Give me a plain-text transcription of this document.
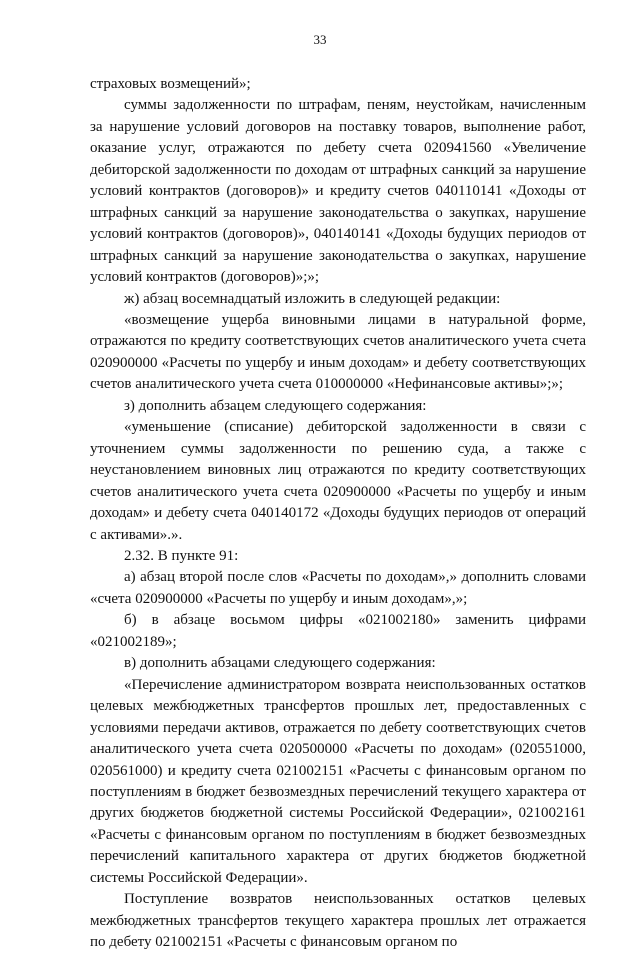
33

страховых возмещений»;

суммы задолженности по штрафам, пеням, неустойкам, начисленным за нарушение условий договоров на поставку товаров, выполнение работ, оказание услуг, отражаются по дебету счета 020941560 «Увеличение дебиторской задолженности по доходам от штрафных санкций за нарушение условий контрактов (договоров)» и кредиту счетов 040110141 «Доходы от штрафных санкций за нарушение законодательства о закупках, нарушение условий контрактов (договоров)», 040140141 «Доходы будущих периодов от штрафных санкций за нарушение законодательства о закупках, нарушение условий контрактов (договоров)»;»;

ж) абзац восемнадцатый изложить в следующей редакции:

«возмещение ущерба виновными лицами в натуральной форме, отражаются по кредиту соответствующих счетов аналитического учета счета 020900000 «Расчеты по ущербу и иным доходам» и дебету соответствующих счетов аналитического учета счета 010000000 «Нефинансовые активы»;»;

з) дополнить абзацем следующего содержания:

«уменьшение (списание) дебиторской задолженности в связи с уточнением суммы задолженности по решению суда, а также с неустановлением виновных лиц отражаются по кредиту соответствующих счетов аналитического учета счета 020900000 «Расчеты по ущербу и иным доходам» и дебету счета 040140172 «Доходы будущих периодов от операций с активами».».

2.32. В пункте 91:

а) абзац второй после слов «Расчеты по доходам»,» дополнить словами «счета 020900000 «Расчеты по ущербу и иным доходам»,»;

б) в абзаце восьмом цифры «021002180» заменить цифрами «021002189»;

в) дополнить абзацами следующего содержания:

«Перечисление администратором возврата неиспользованных остатков целевых межбюджетных трансфертов прошлых лет, предоставленных с условиями передачи активов, отражается по дебету соответствующих счетов аналитического учета счета 020500000 «Расчеты по доходам» (020551000, 020561000) и кредиту счета 021002151 «Расчеты с финансовым органом по поступлениям в бюджет безвозмездных перечислений текущего характера от других бюджетов бюджетной системы Российской Федерации», 021002161 «Расчеты с финансовым органом по поступлениям в бюджет безвозмездных перечислений капитального характера от других бюджетов бюджетной системы Российской Федерации».

Поступление возвратов неиспользованных остатков целевых межбюджетных трансфертов текущего характера прошлых лет отражается по дебету 021002151 «Расчеты с финансовым органом по
